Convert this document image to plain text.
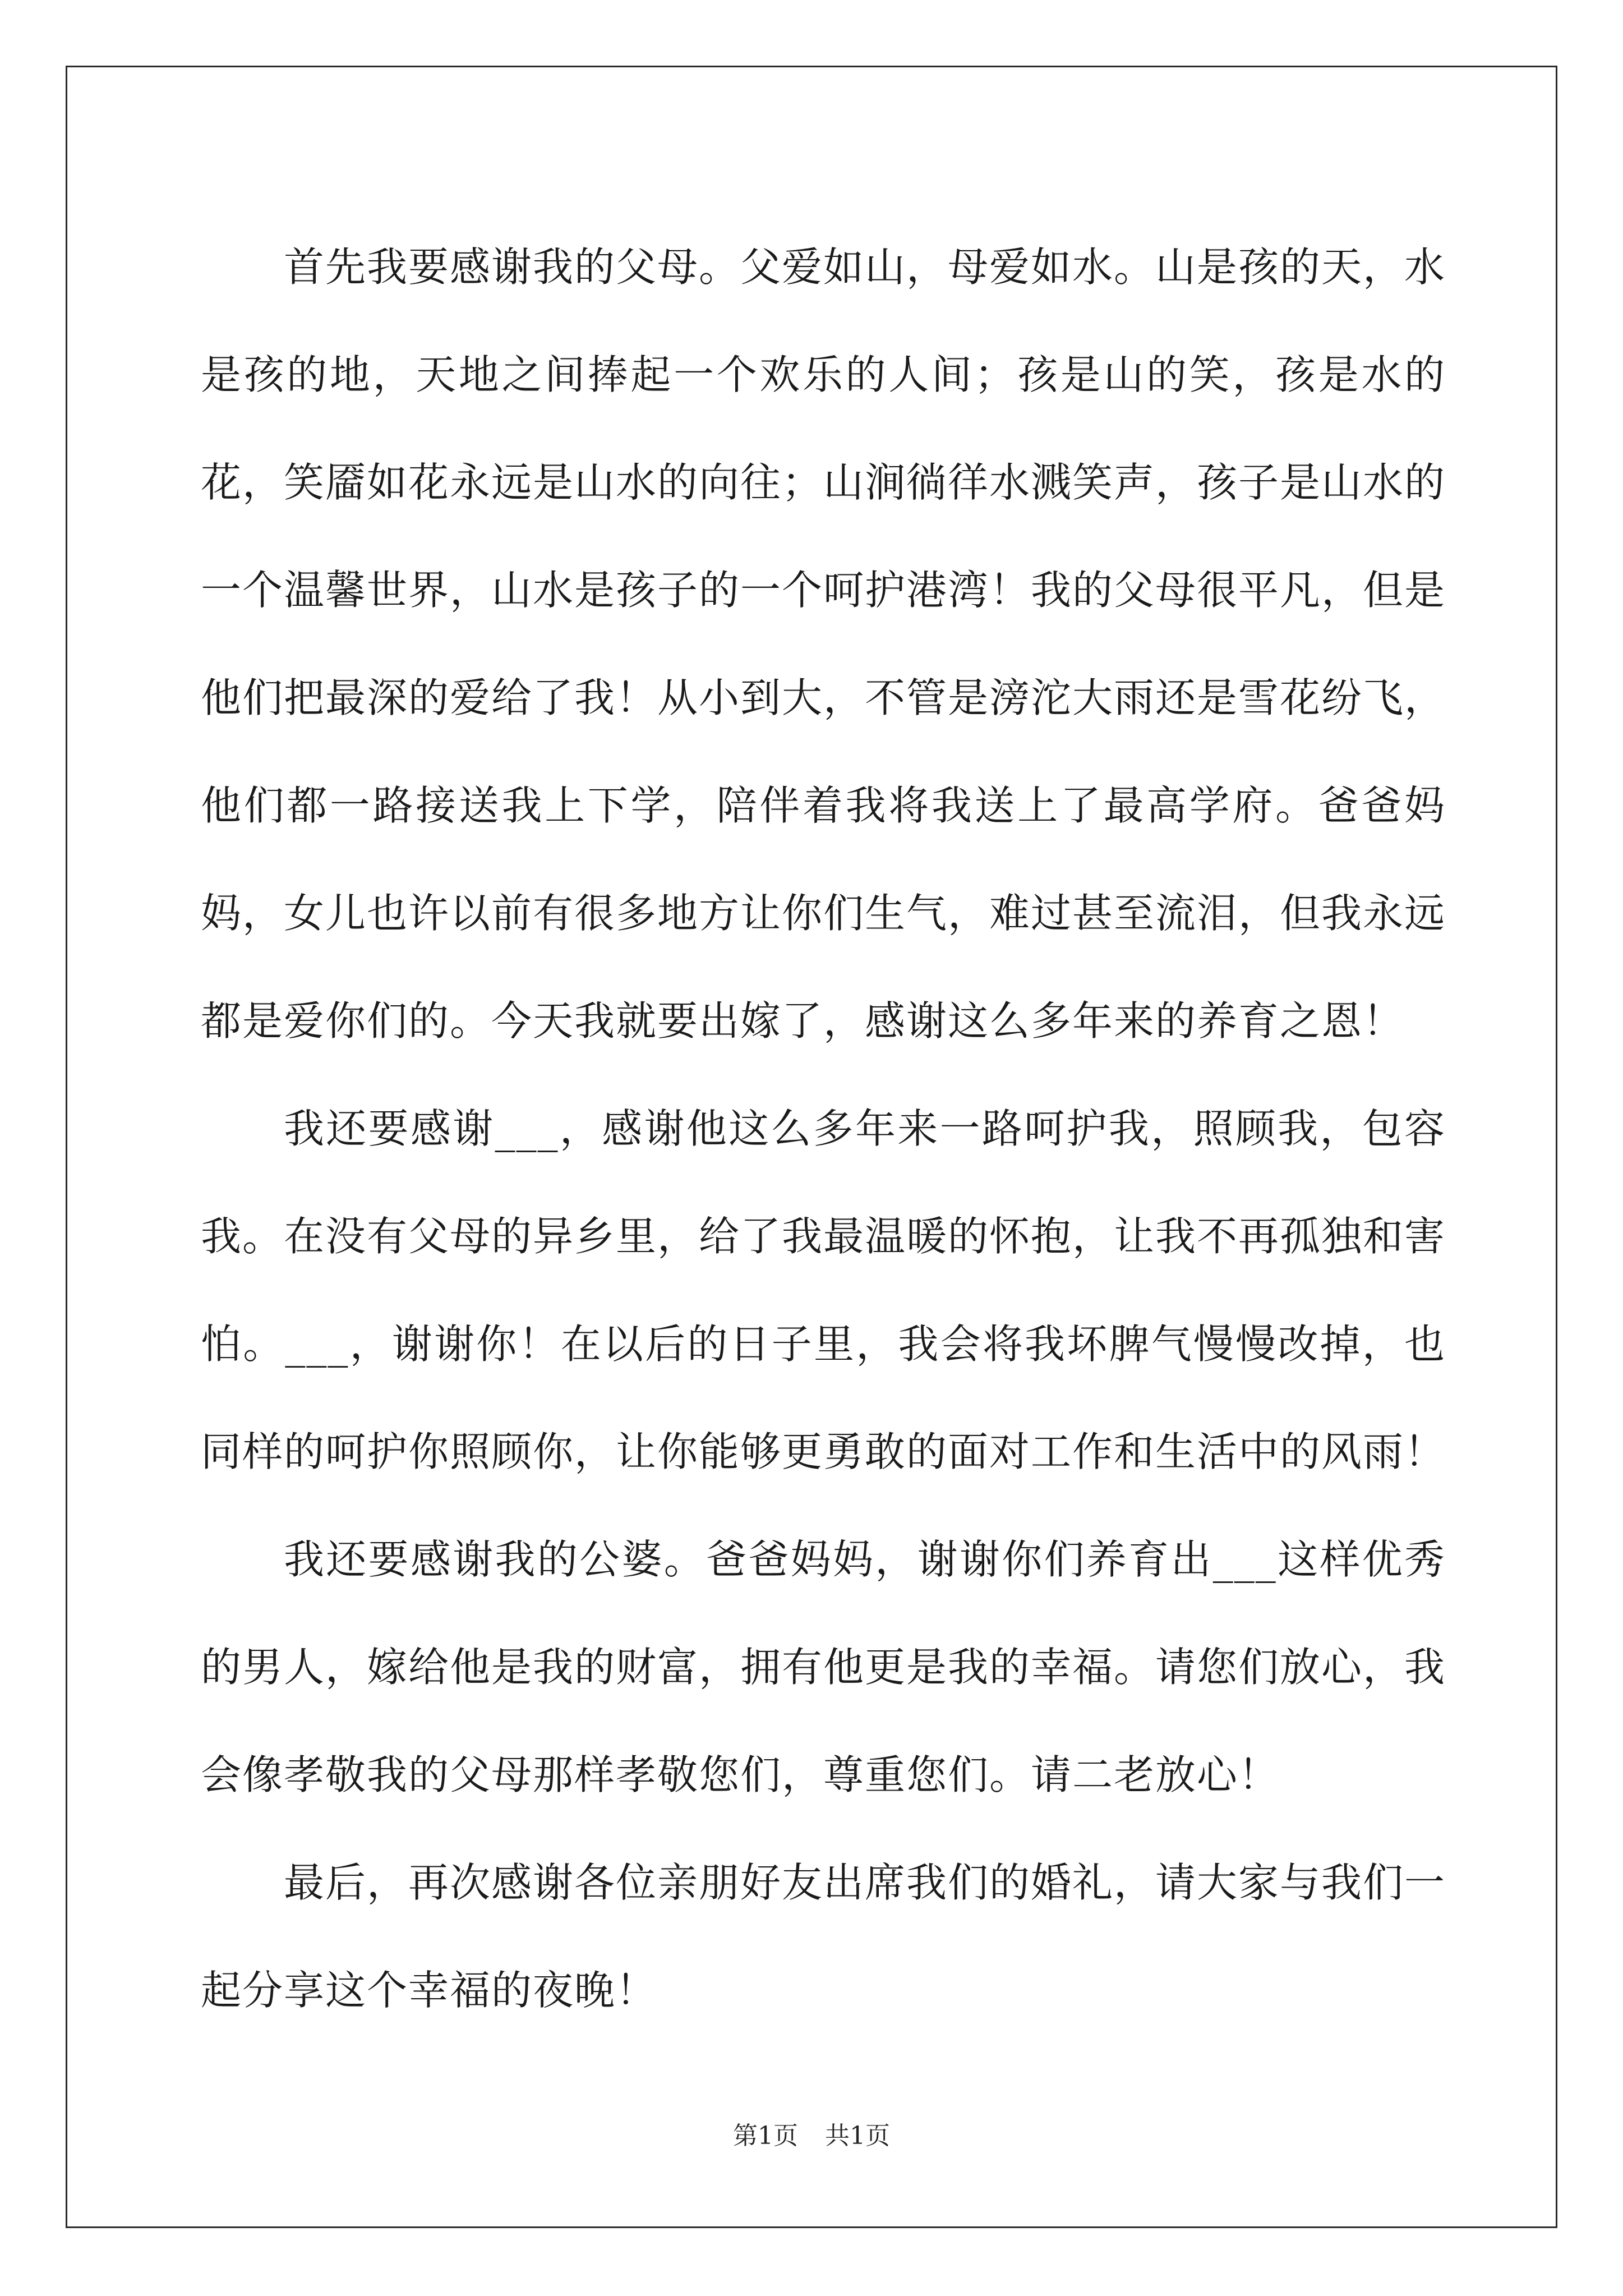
首先我要感谢我的父母。父爱如山，母爱如水。山是孩的天，水是孩的地，天地之间捧起一个欢乐的人间；孩是山的笑，孩是水的花，笑靥如花永远是山水的向往；山涧徜徉水溅笑声，孩子是山水的一个温馨世界，山水是孩子的一个呵护港湾！我的父母很平凡，但是他们把最深的爱给了我！从小到大，不管是滂沱大雨还是雪花纷飞，他们都一路接送我上下学，陪伴着我将我送上了最高学府。爸爸妈妈，女儿也许以前有很多地方让你们生气，难过甚至流泪，但我永远都是爱你们的。今天我就要出嫁了，感谢这么多年来的养育之恩！

我还要感谢___，感谢他这么多年来一路呵护我，照顾我，包容我。在没有父母的异乡里，给了我最温暖的怀抱，让我不再孤独和害怕。___，谢谢你！在以后的日子里，我会将我坏脾气慢慢改掉，也同样的呵护你照顾你，让你能够更勇敢的面对工作和生活中的风雨！

我还要感谢我的公婆。爸爸妈妈，谢谢你们养育出___这样优秀的男人，嫁给他是我的财富，拥有他更是我的幸福。请您们放心，我会像孝敬我的父母那样孝敬您们，尊重您们。请二老放心！

最后，再次感谢各位亲朋好友出席我们的婚礼，请大家与我们一起分享这个幸福的夜晚！

第1页 共1页
